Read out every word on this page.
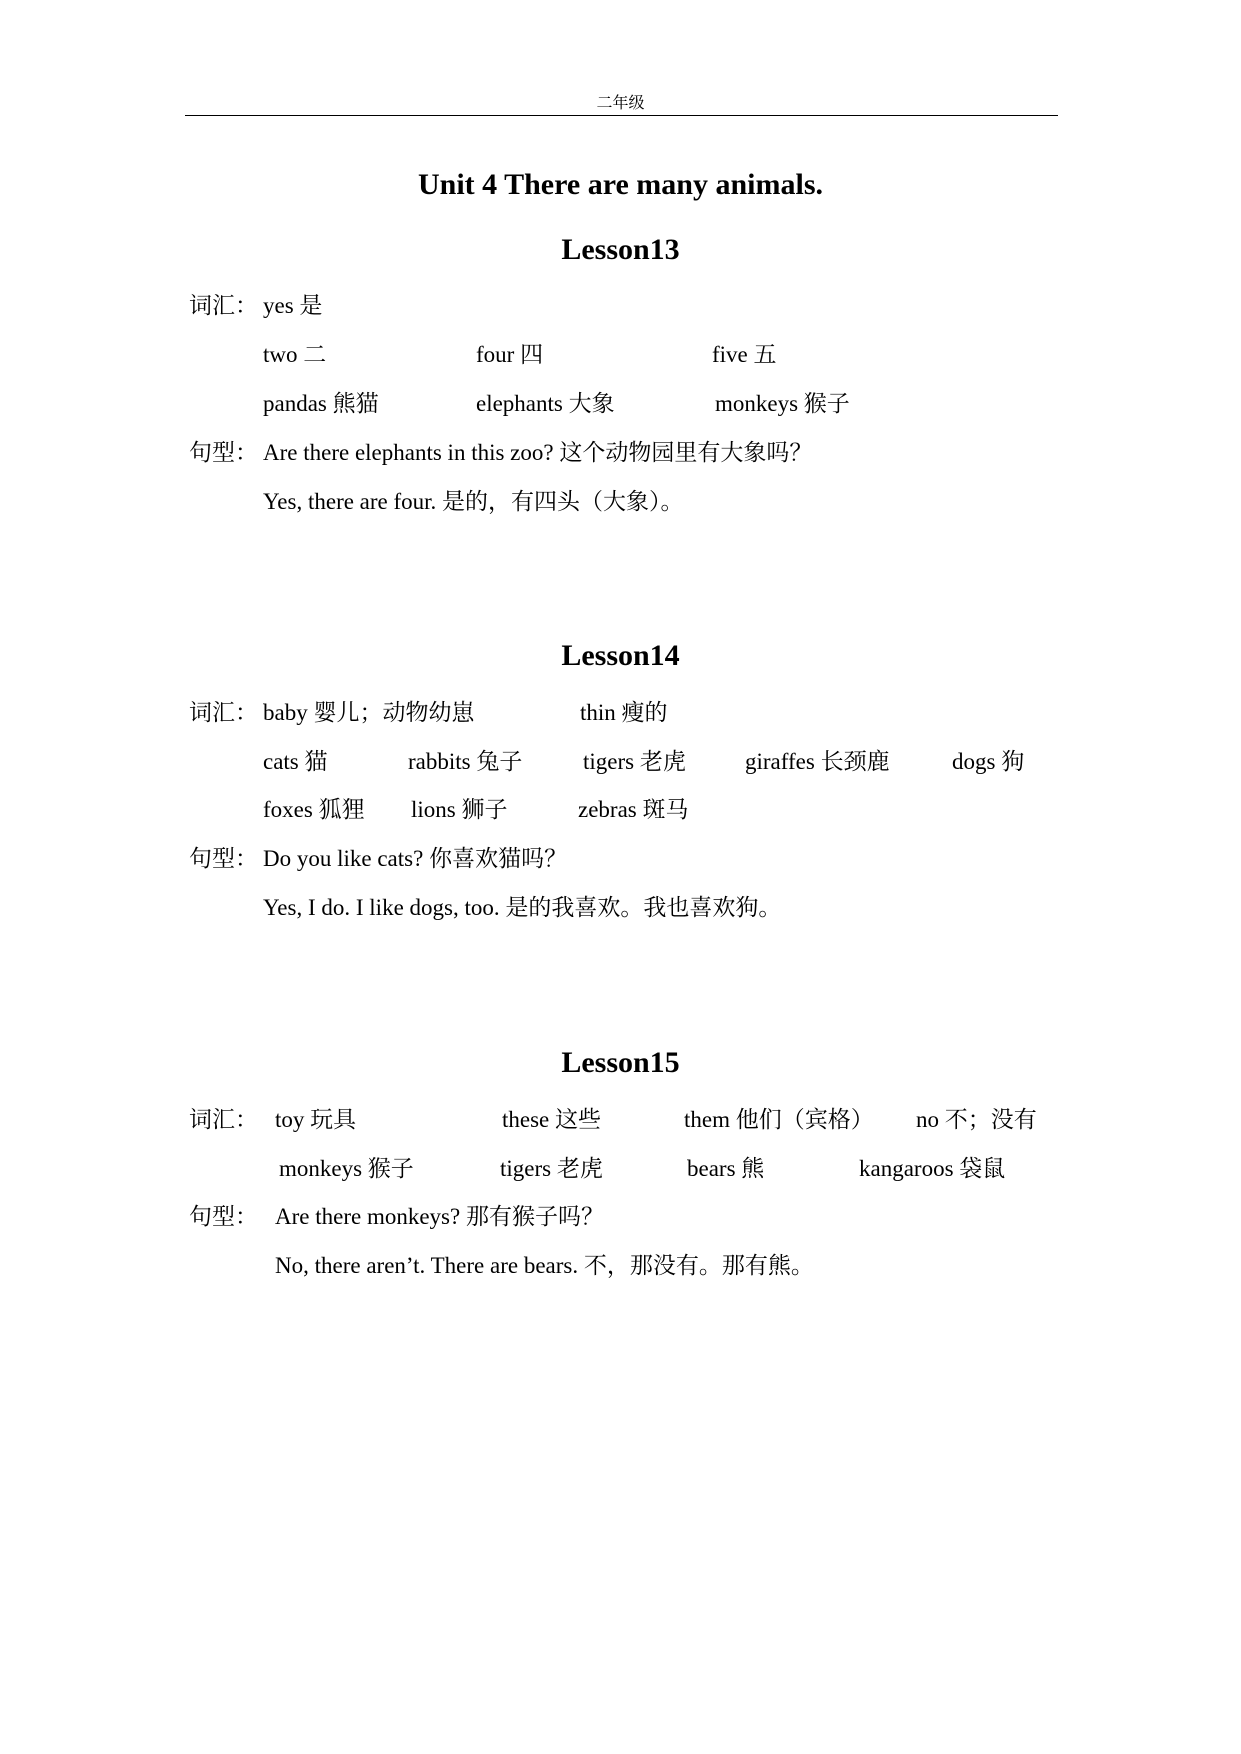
二年级
Unit 4 There are many animals.
Lesson13
词汇： yes 是
two 二	four 四	five 五
pandas 熊猫	elephants 大象	monkeys 猴子
句型： Are there elephants in this zoo? 这个动物园里有大象吗？
Yes, there are four. 是的，有四头（大象）。
Lesson14
词汇： baby 婴儿；动物幼崽	thin 瘦的
cats 猫	rabbits 兔子	tigers 老虎	giraffes 长颈鹿	dogs 狗
foxes 狐狸 lions 狮子	zebras 斑马
句型： Do you like cats? 你喜欢猫吗？
Yes, I do. I like dogs, too. 是的我喜欢。我也喜欢狗。
Lesson15
词汇： toy 玩具	these 这些	them 他们（宾格） no 不；没有
monkeys 猴子	tigers 老虎	bears 熊	kangaroos 袋鼠
句型： Are there monkeys? 那有猴子吗？
No, there aren’t. There are bears. 不，那没有。那有熊。
